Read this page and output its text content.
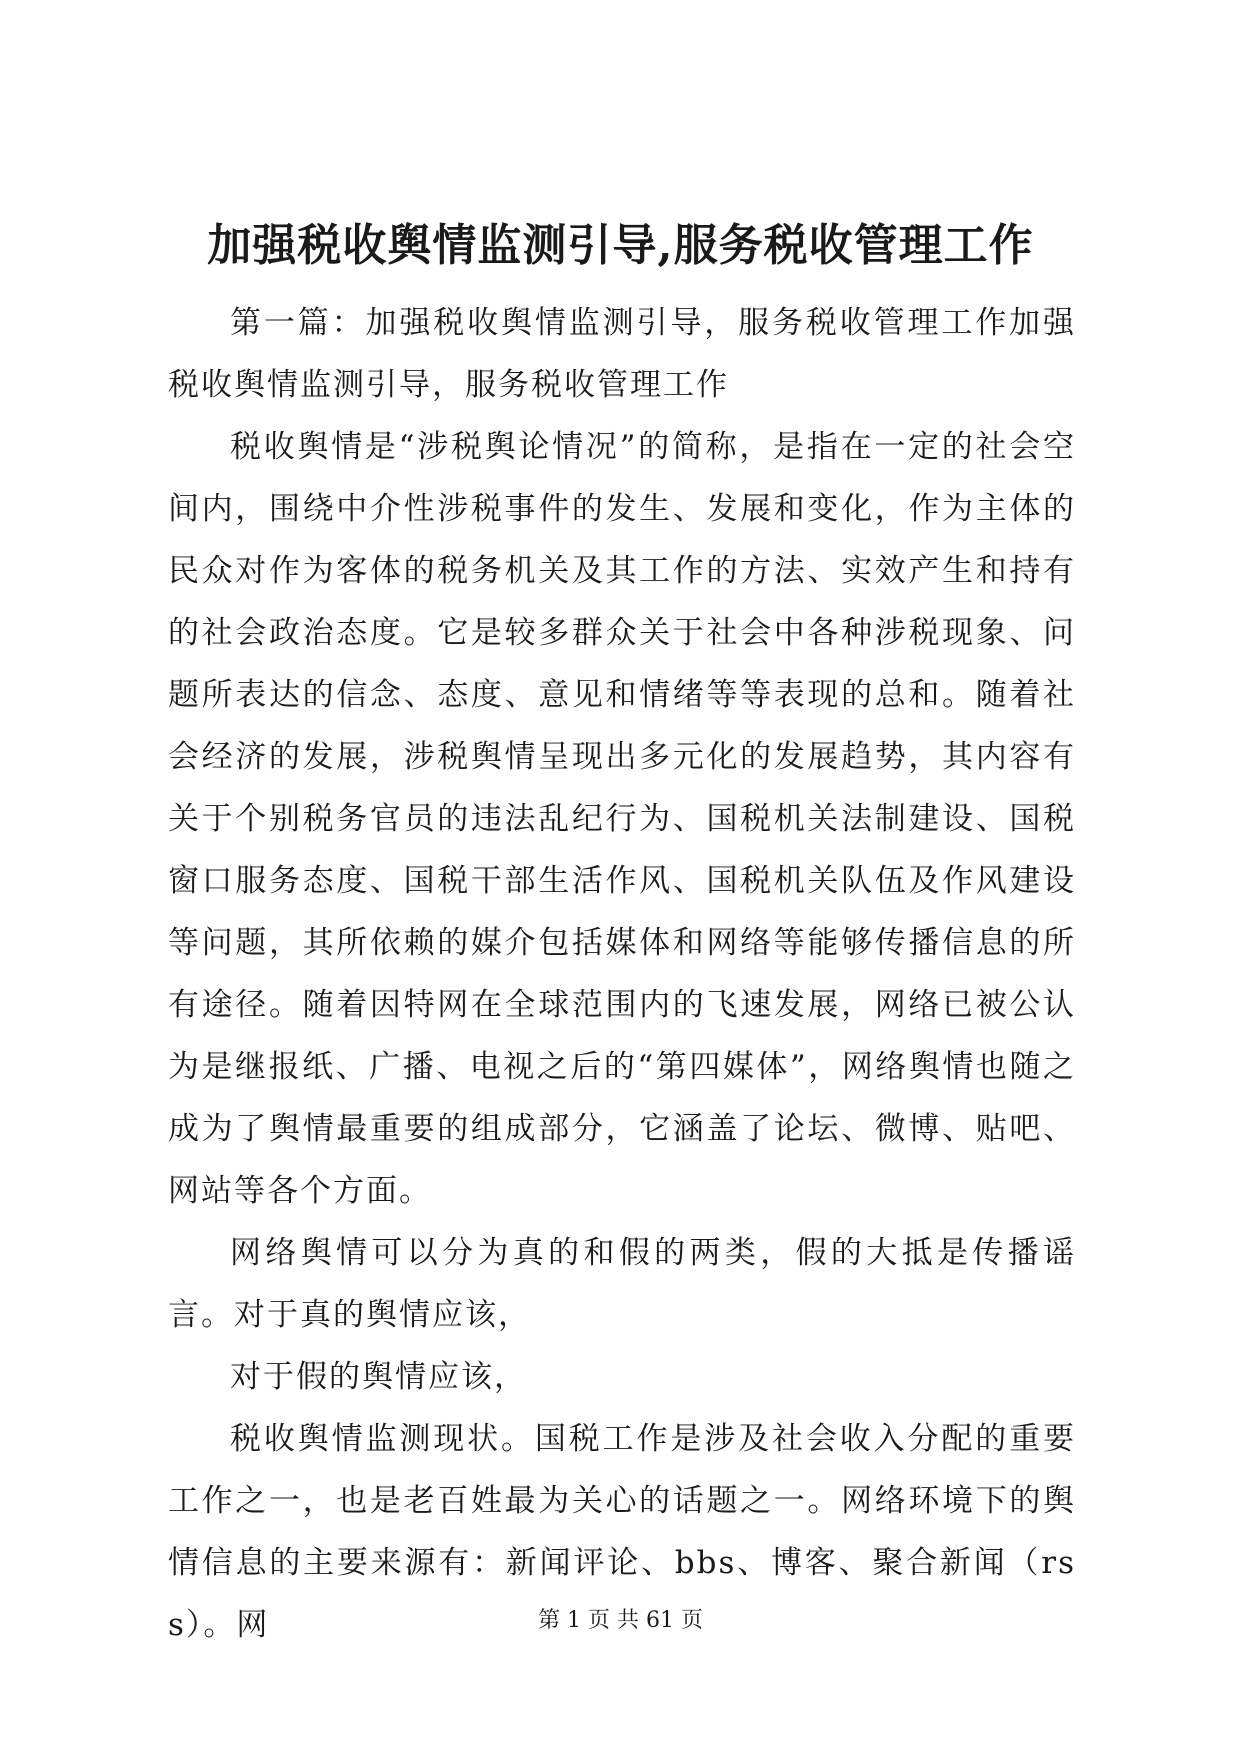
加强税收舆情监测引导,服务税收管理工作

第一篇：加强税收舆情监测引导，服务税收管理工作加强税收舆情监测引导，服务税收管理工作

税收舆情是“涉税舆论情况”的简称，是指在一定的社会空间内，围绕中介性涉税事件的发生、发展和变化，作为主体的民众对作为客体的税务机关及其工作的方法、实效产生和持有的社会政治态度。它是较多群众关于社会中各种涉税现象、问题所表达的信念、态度、意见和情绪等等表现的总和。随着社会经济的发展，涉税舆情呈现出多元化的发展趋势，其内容有关于个别税务官员的违法乱纪行为、国税机关法制建设、国税窗口服务态度、国税干部生活作风、国税机关队伍及作风建设等问题，其所依赖的媒介包括媒体和网络等能够传播信息的所有途径。随着因特网在全球范围内的飞速发展，网络已被公认为是继报纸、广播、电视之后的“第四媒体”，网络舆情也随之成为了舆情最重要的组成部分，它涵盖了论坛、微博、贴吧、网站等各个方面。

网络舆情可以分为真的和假的两类，假的大抵是传播谣言。对于真的舆情应该，

对于假的舆情应该，

税收舆情监测现状。国税工作是涉及社会收入分配的重要工作之一，也是老百姓最为关心的话题之一。网络环境下的舆情信息的主要来源有：新闻评论、bbs、博客、聚合新闻（rss）。网	第 1 页 共 61 页
